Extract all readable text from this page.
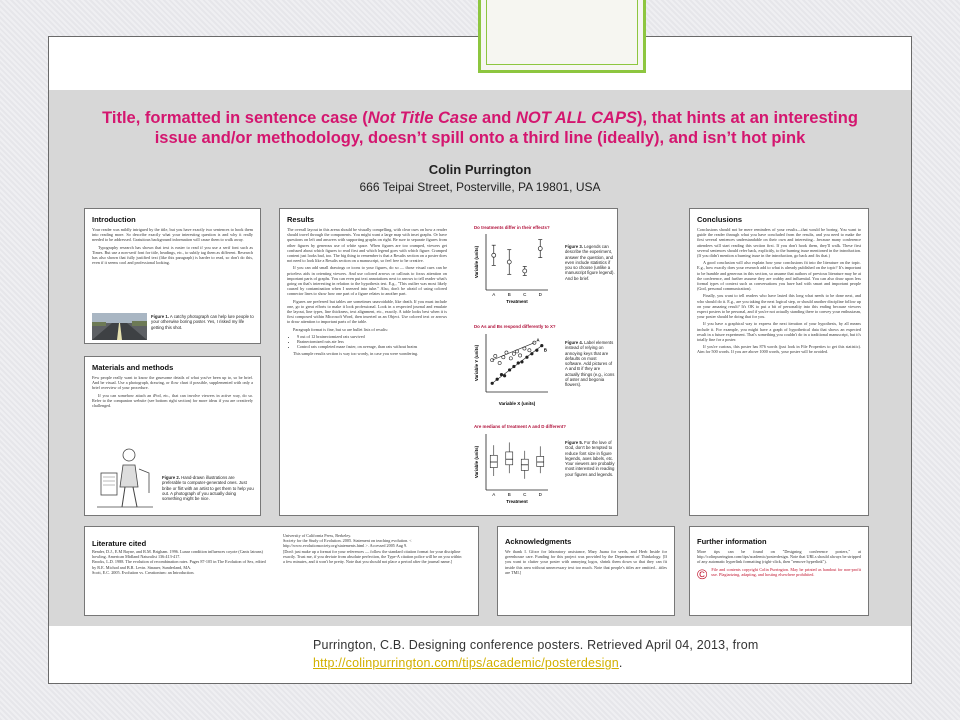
Title, formatted in sentence case (Not Title Case and NOT ALL CAPS), that hints at an interesting issue and/or methodology, doesn’t spill onto a third line (ideally), and isn’t hot pink
Colin Purrington
666 Teipai Street, Posterville, PA 19801, USA
Introduction
Your reader was mildly intrigued by the title, but you have exactly two sentences to hook them into reading more. So describe exactly what your interesting question is and why it really needed to be addressed. Gratuitous background information will cause them to walk away.
Typography research has shown that text is easier to read if you use a serif font such as Times. But use a non-serif font for title, headings, etc., to subtly tag them as different. Research has also shown that fully justified text (like this paragraph) is harder to read, so don't do this, even if it seems cool and professional looking.
Figure 1. A catchy photograph can help lure people to your otherwise boring poster. Yes, I risked my life getting this shot.
Materials and methods
Few people really want to know the gruesome details of what you've been up to, so be brief. And be visual. Use a photograph, drawing, or flow chart if possible, supplemented with only a brief overview of your procedure.
If you can somehow attach an iPod, etc., that can involve viewers in active way, do so. Refer to the companion website (see bottom right section) for more ideas if you are creatively challenged.
Figure 2. Hand-drawn illustrations are preferable to computer-generated ones. Just bribe or flirt with an artist to get them to help you out. A photograph of you actually doing something might be nice.
Results
The overall layout in this arena should be visually compelling, with clear cues on how a reader should travel through the components. You might want a large map with inset graphs. Or have questions on left and answers with supporting graphs on right. Be sure to separate figures from other figures by generous use of white space. When figures are too cramped, viewers get confused about which figures to read first and which legend goes with which figure. Cramped content just looks bad, too. The big thing to remember is that a Results section on a poster does not need to look like a Results section on a manuscript, so feel free to be creative.
If you can add small drawings or icons to your figures, do so — those visual cues can be priceless aids in orienting viewers. And use colored arrows or callouts to focus attention on important parts of graphs. You can even put text annotations next to arrows to tell reader what's going on that's interesting in relation to the hypothesis test. E.g., "This outlier was most likely caused by contamination when I sneezed into tube." Also, don't be afraid of using colored connector lines to show how one part of a figure relates to another part.
Figures are preferred but tables are sometimes unavoidable, like death. If you must include one, go to great efforts to make it look professional. Look in a respected journal and emulate the layout, line types, line thickness, text alignment, etc., exactly. A table looks best when it is first composed within Microsoft Word, then inserted as an Object. Use colored text or arrows to draw attention to important parts of the table.
Paragraph format is fine, but so are bullet lists of results:
• 9 out of 12 brainectomized rats survived
• Brainectomized rats ate less
• Control rats completed maze faster, on average, than rats without brains
This sample results section is way too wordy, in case you were wondering.
Do treatments differ in their effects?
Do As and Bs respond differently to X?
Are medians of treatment A and D different?
Variable (units)
Treatment
A	B	C	D
Variable Y (units)
Variable X (units)
A
B
Variable (units)
Treatment
A	B	C	D
Figure 3. Legends can describe the experiment, answer the question, and even include statistics if you so choose (unlike a manuscript figure legend). And be brief.
Figure 4. Label elements instead of relying on annoying keys that are defaults on most software. Add pictures of A and B if they are actually things (e.g., icons of aster and begonia flowers).
Figure 5. For the love of God, don't be tempted to reduce font size in figure legends, axes labels, etc. Your viewers are probably most interested in reading your figures and legends.
Conclusions
Conclusions should not be mere reminders of your results—that would be boring. You want to guide the reader through what you have concluded from the results, and you need to make the first several sentences understandable on their own and interesting…because many conference attendees will start reading this section first. If you don't hook them, they'll walk. These first several sentences should refer back, explicitly, to the burning issue mentioned in the introduction. (If you didn't mention a burning issue in the introduction, go back and fix that.)
A good conclusion will also explain how your conclusions fit into the literature on the topic. E.g., how exactly does your research add to what is already published on the topic? It's important to be humble and generous in this section, so assume that authors of previous literature may be at the conference, and further assume they are crabby and influential. You can also draw upon less formal types of context such as conversations you have had with smart and important people (God, personal communication).
Finally, you want to tell readers who have lasted this long what needs to be done next, and who should do it. E.g., are you taking the next logical step, or should another discipline follow up on your amazing result? It's OK to put a bit of personality into this ending because viewers expect posters to be personal, and if you're not actually standing there to convey your enthusiasm, your poster should be doing that for you.
If you have a graphical way to express the next iteration of your hypothesis, by all means include it. For example, you might have a graph of hypothetical data that shows an expected result in a future experiment. That's something you couldn't do in a traditional manuscript, but it's totally fine for a poster.
If you're curious, this poster has 876 words (just look in File Properties to get this statistic). Aim for 500 words. If you are above 1000 words, your poster will be avoided.
Literature cited
Bender, D.J., E.M Bayne, and R.M. Brigham. 1996. Lunar condition influences coyote (Canis latrans) howling. American Midland Naturalist 136:413-417.
Brooks, L.D. 1988. The evolution of recombination rates. Pages 87-105 in The Evolution of Sex, edited by R.E. Michod and B.R. Levin. Sinauer, Sunderland, MA.
Scott, E.C. 2005. Evolution vs. Creationism: an Introduction.
University of California Press, Berkeley.
Society for the Study of Evolution. 2005. Statement on teaching evolution. < http://www.evolutionsociety.org/statements.html >. Accessed 2005 Aug 9.
[Don't just make up a format for your references — follow the standard citation format for your discipline exactly. Trust me, if you deviate from absolute perfection, the Type-A citation police will be on you within a few minutes, and it won't be pretty. Note that you should not place a period after the journal name.]
Acknowledgments
We thank I. Gfoor for laboratory assistance, Mary Juana for seeds, and Herb Inside for greenhouse care. Funding for this project was provided by the Department of Thinkology. [If you want to clutter your poster with annoying logos, shrink them down so that they can fit inside this area without unnecessary text too much. Note that people's titles are omitted…titles are TMI.]
Further information
More tips can be found on "Designing conference posters," at http://colinpurrington.com/tips/academic/posterdesign. Note that URLs should always be stripped of any automatic hyperlink formatting (right-click, then "remove hyperlink").
© File and contents copyright Colin Purrington. May be printed as handout for non-profit use. Plagiarizing, adapting, and hosting elsewhere prohibited.
Purrington, C.B. Designing conference posters. Retrieved April 04, 2013, from http://colinpurrington.com/tips/academic/posterdesign.
